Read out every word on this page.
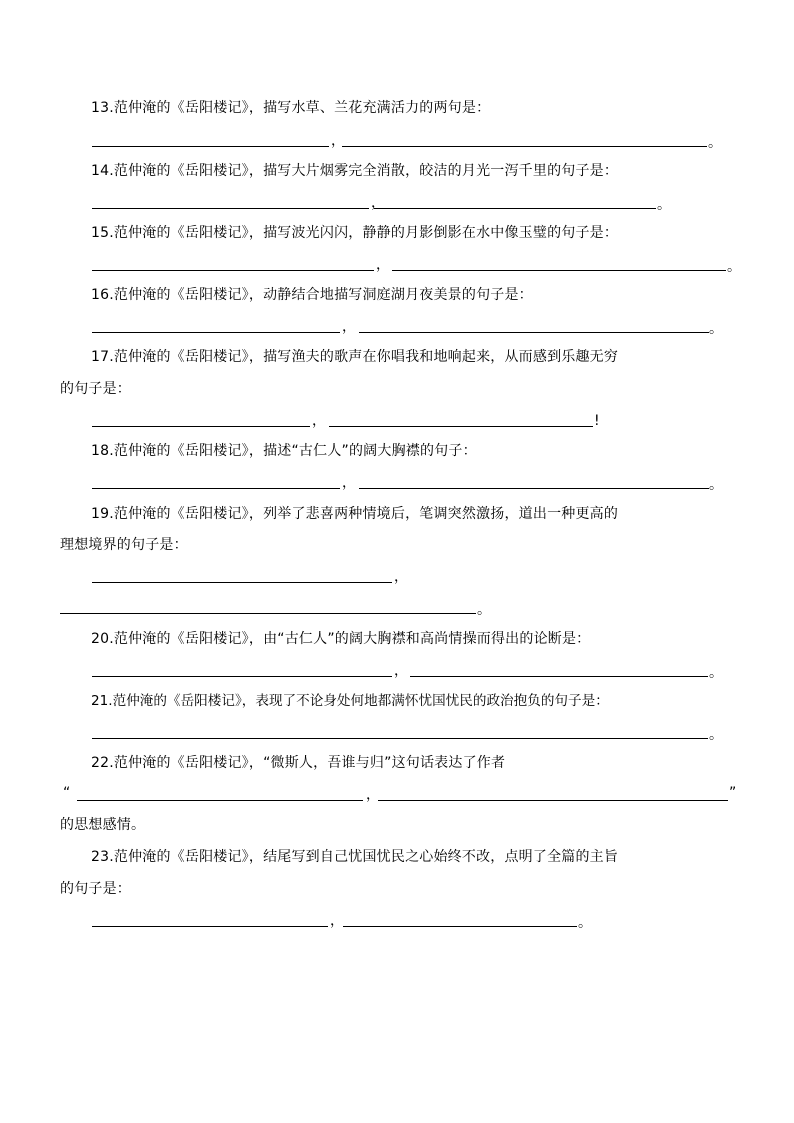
13.范仲淹的《岳阳楼记》，描写水草、兰花充满活力的两句是：
，	。
14.范仲淹的《岳阳楼记》，描写大片烟雾完全消散，皎洁的月光一泻千里的句子是：
，	。
15.范仲淹的《岳阳楼记》，描写波光闪闪，静静的月影倒影在水中像玉璧的句子是：
，	。
16.范仲淹的《岳阳楼记》，动静结合地描写洞庭湖月夜美景的句子是：
，	。
17.范仲淹的《岳阳楼记》，描写渔夫的歌声在你唱我和地响起来，从而感到乐趣无穷
的句子是：
，	!
18.范仲淹的《岳阳楼记》，描述“古仁人”的阔大胸襟的句子：
，	。
19.范仲淹的《岳阳楼记》，列举了悲喜两种情境后，笔调突然激扬，道出一种更高的
理想境界的句子是：
，
。
20.范仲淹的《岳阳楼记》，由“古仁人”的阔大胸襟和高尚情操而得出的论断是：
，	。
21.范仲淹的《岳阳楼记》，表现了不论身处何地都满怀忧国忧民的政治抱负的句子是：
。
22.范仲淹的《岳阳楼记》，“微斯人，吾谁与归”这句话表达了作者
“	，	”
的思想感情。
23.范仲淹的《岳阳楼记》，结尾写到自己忧国忧民之心始终不改，点明了全篇的主旨
的句子是：
，	。
